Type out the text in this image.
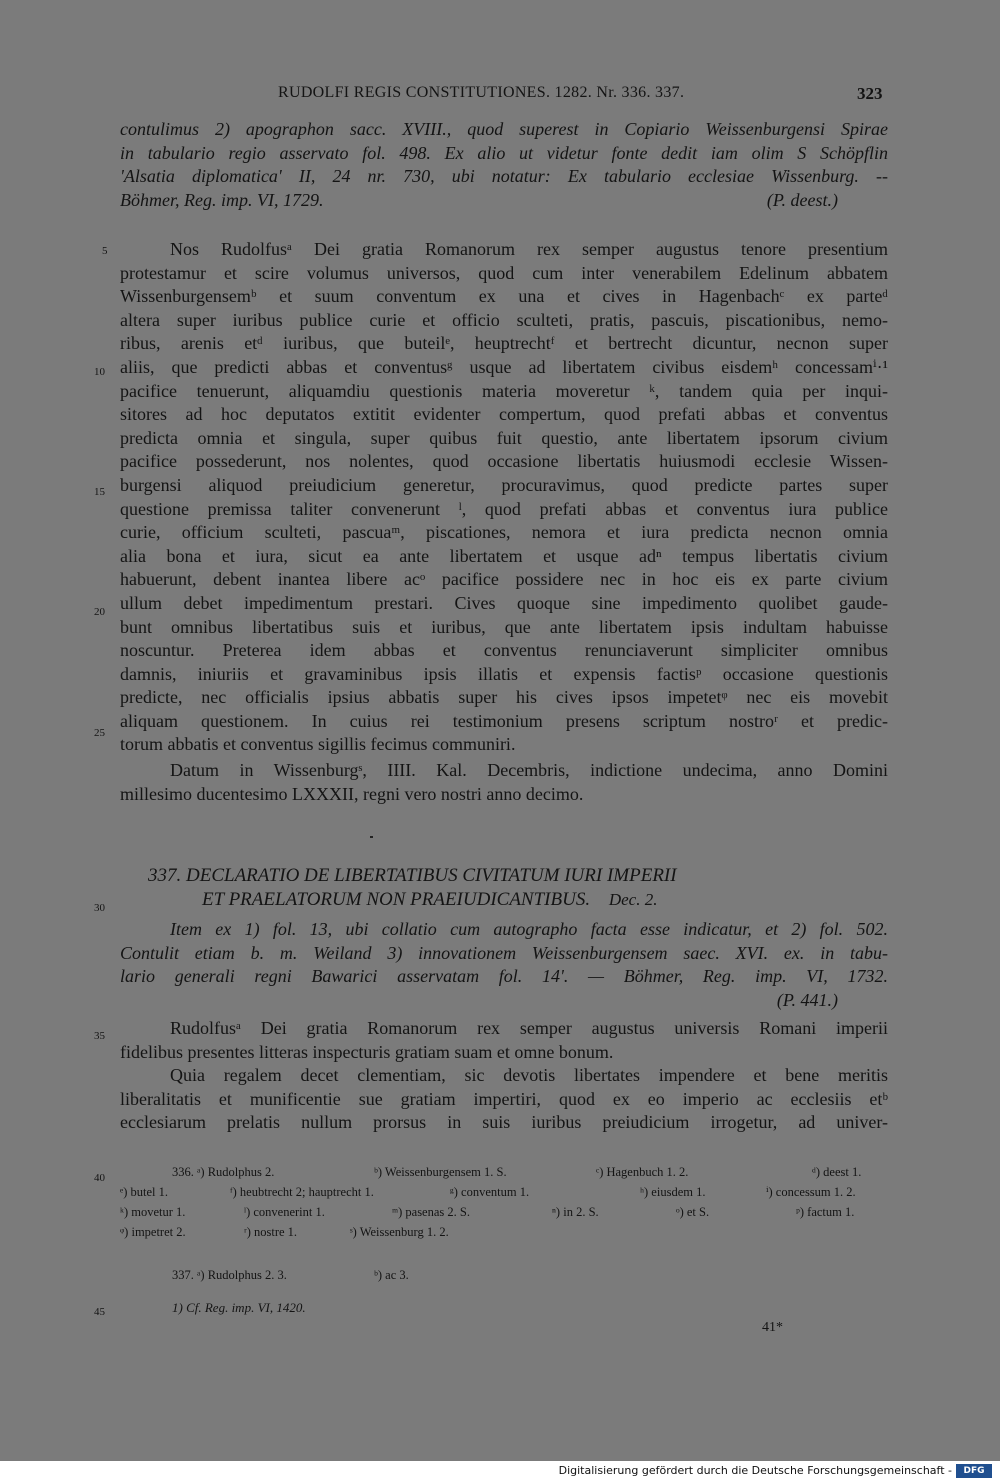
RUDOLFI REGIS CONSTITUTIONES. 1282. Nr. 336. 337.	323
contulimus 2) apographon sacc. XVIII., quod superest in Copiario Weissenburgensi Spirae
in tabulario regio asservato fol. 498. Ex alio ut videtur fonte dedit iam olim S Schöpflin
'Alsatia diplomatica' II, 24 nr. 730, ubi notatur: Ex tabulario ecclesiae Wissenburg. --
Böhmer, Reg. imp. VI, 1729.	(P. deest.)
Nos Rudolfusᵃ Dei gratia Romanorum rex semper augustus tenore presentium
protestamur et scire volumus universos, quod cum inter venerabilem Edelinum abbatem
Wissenburgensemᵇ et suum conventum ex una et cives in Hagenbachᶜ ex parteᵈ
altera super iuribus publice curie et officio sculteti, pratis, pascuis, piscationibus, nemo-
ribus, arenis etᵈ iuribus, que buteilᵉ, heuptrechtᶠ et bertrecht dicuntur, necnon super
aliis, que predicti abbas et conventusᵍ usque ad libertatem civibus eisdemʰ concessamⁱ·¹
pacifice tenuerunt, aliquamdiu questionis materia moveretur ᵏ, tandem quia per inqui-
sitores ad hoc deputatos extitit evidenter compertum, quod prefati abbas et conventus
predicta omnia et singula, super quibus fuit questio, ante libertatem ipsorum civium
pacifice possederunt, nos nolentes, quod occasione libertatis huiusmodi ecclesie Wissen-
burgensi aliquod preiudicium generetur, procuravimus, quod predicte partes super
questione premissa taliter convenerunt ˡ, quod prefati abbas et conventus iura publice
curie, officium sculteti, pascuaᵐ, piscationes, nemora et iura predicta necnon omnia
alia bona et iura, sicut ea ante libertatem et usque adⁿ tempus libertatis civium
habuerunt, debent inantea libere acᵒ pacifice possidere nec in hoc eis ex parte civium
ullum debet impedimentum prestari. Cives quoque sine impedimento quolibet gaude-
bunt omnibus libertatibus suis et iuribus, que ante libertatem ipsis indultam habuisse
noscuntur. Preterea idem abbas et conventus renunciaverunt simpliciter omnibus
damnis, iniuriis et gravaminibus ipsis illatis et expensis factisᵖ occasione questionis
predicte, nec officialis ipsius abbatis super his cives ipsos impetetᵠ nec eis movebit
aliquam questionem. In cuius rei testimonium presens scriptum nostroʳ et predic-
torum abbatis et conventus sigillis fecimus communiri.
Datum in Wissenburgˢ, IIII. Kal. Decembris, indictione undecima, anno Domini
millesimo ducentesimo LXXXII, regni vero nostri anno decimo.
337. DECLARATIO DE LIBERTATIBUS CIVITATUM IURI IMPERII
ET PRAELATORUM NON PRAEIUDICANTIBUS. Dec. 2.
Item ex 1) fol. 13, ubi collatio cum autographo facta esse indicatur, et 2) fol. 502.
Contulit etiam b. m. Weiland 3) innovationem Weissenburgensem saec. XVI. ex. in tabu-
lario generali regni Bawarici asservatam fol. 14'. — Böhmer, Reg. imp. VI, 1732.
(P. 441.)
Rudolfusᵃ Dei gratia Romanorum rex semper augustus universis Romani imperii
fidelibus presentes litteras inspecturis gratiam suam et omne bonum.
Quia regalem decet clementiam, sic devotis libertates impendere et bene meritis
liberalitatis et munificentie sue gratiam impertiri, quod ex eo imperio ac ecclesiis etᵇ
ecclesiarum prelatis nullum prorsus in suis iuribus preiudicium irrogetur, ad univer-
5
10
15
20
25
30
35
40
45
336. ᵃ) Rudolphus 2.	ᵇ) Weissenburgensem 1. S.	ᶜ) Hagenbuch 1. 2.	ᵈ) deest 1.
ᵉ) butel 1.	ᶠ) heubtrecht 2; hauptrecht 1.	ᵍ) conventum 1.	ʰ) eiusdem 1.	ⁱ) concessum 1. 2.
ᵏ) movetur 1.	ˡ) convenerint 1.	ᵐ) pasenas 2. S.	ⁿ) in 2. S.	ᵒ) et S.	ᵖ) factum 1.
ᵠ) impetret 2.	ʳ) nostre 1.	ˢ) Weissenburg 1. 2.
337. ᵃ) Rudolphus 2. 3.	ᵇ) ac 3.
1) Cf. Reg. imp. VI, 1420.
41*
Digitalisierung gefördert durch die Deutsche Forschungsgemeinschaft -	DFG
